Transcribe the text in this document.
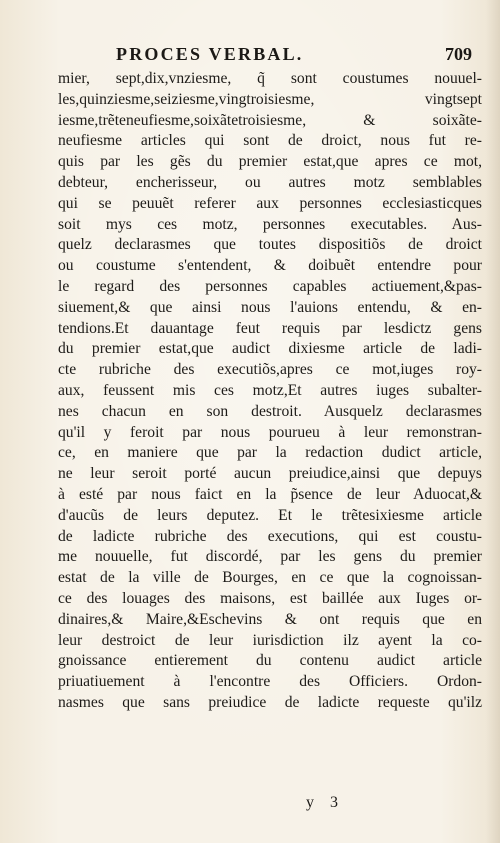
PROCES VERBAL.	709
mier, sept,dix,vnziesme, q̃ sont coustumes nouuel-
les,quinziesme,seiziesme,vingtroisiesme, vingtsept
iesme,trẽteneufiesme,soixãtetroisiesme, & soixãte-
neufiesme articles qui sont de droict, nous fut re-
quis par les gẽs du premier estat,que apres ce mot,
debteur, encherisseur, ou autres motz semblables
qui se peuuẽt referer aux personnes ecclesiasticques
soit mys ces motz, personnes executables. Aus-
quelz declarasmes que toutes dispositiõs de droict
ou coustume s'entendent, & doibuẽt entendre pour
le regard des personnes capables actiuement,&pas-
siuement,& que ainsi nous l'auions entendu, & en-
tendions.Et dauantage feut requis par lesdictz gens
du premier estat,que audict dixiesme article de ladi-
cte rubriche des executiõs,apres ce mot,iuges roy-
aux, feussent mis ces motz,Et autres iuges subalter-
nes chacun en son destroit. Ausquelz declarasmes
qu'il y feroit par nous pourueu à leur remonstran-
ce, en maniere que par la redaction dudict article,
ne leur seroit porté aucun preiudice,ainsi que depuys
à esté par nous faict en la p̃sence de leur Aduocat,&
d'aucũs de leurs deputez. Et le trẽtesixiesme article
de ladicte rubriche des executions, qui est coustu-
me nouuelle, fut discordé, par les gens du premier
estat de la ville de Bourges, en ce que la cognoissan-
ce des louages des maisons, est baillée aux Iuges or-
dinaires,& Maire,&Eschevins & ont requis que en
leur destroict de leur iurisdiction ilz ayent la co-
gnoissance entierement du contenu audict article
priuatiuement à l'encontre des Officiers. Ordon-
nasmes que sans preiudice de ladicte requeste qu'ilz
y 3
